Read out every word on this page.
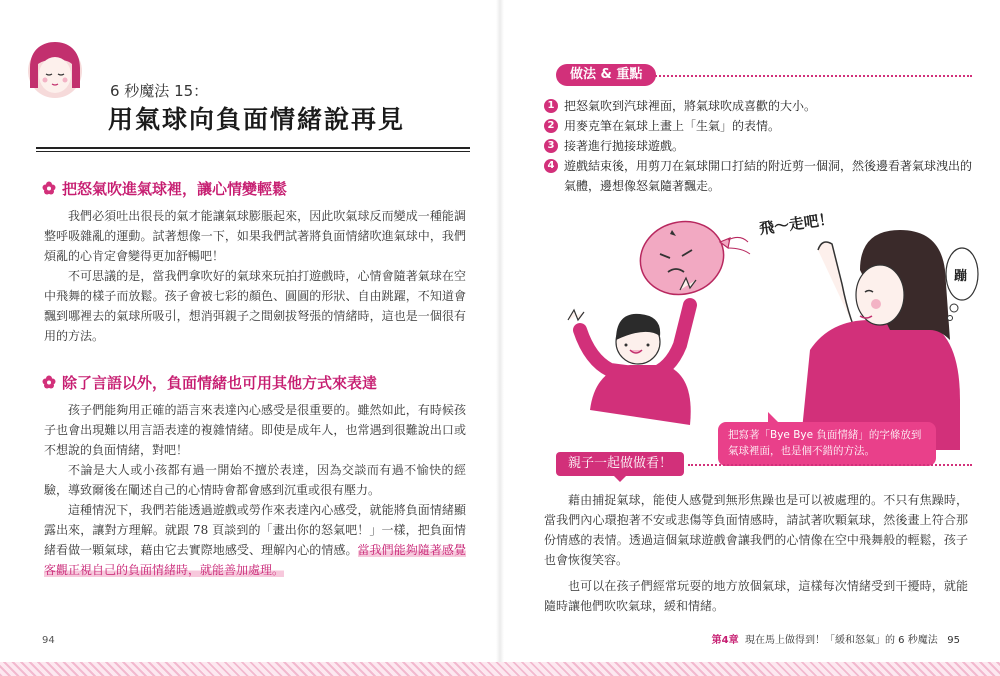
6 秒魔法 15：
用氣球向負面情緒說再見
把怒氣吹進氣球裡，讓心情變輕鬆

我們必須吐出很長的氣才能讓氣球膨脹起來，因此吹氣球反而變成一種能調整呼吸雜亂的運動。試著想像一下，如果我們試著將負面情緒吹進氣球中，我們煩亂的心肯定會變得更加舒暢吧！

不可思議的是，當我們拿吹好的氣球來玩拍打遊戲時，心情會隨著氣球在空中飛舞的樣子而放鬆。孩子會被七彩的顏色、圓圓的形狀、自由跳躍，不知道會飄到哪裡去的氣球所吸引，想消弭親子之間劍拔弩張的情緒時，這也是一個很有用的方法。

除了言語以外，負面情緒也可用其他方式來表達

孩子們能夠用正確的語言來表達內心感受是很重要的。雖然如此，有時候孩子也會出現難以用言語表達的複雜情緒。即使是成年人，也常遇到很難說出口或不想說的負面情緒，對吧！

不論是大人或小孩都有過一開始不擅於表達，因為交談而有過不愉快的經驗，導致爾後在闡述自己的心情時會都會感到沉重或很有壓力。

這種情況下，我們若能透過遊戲或勞作來表達內心感受，就能將負面情緒顯露出來，讓對方理解。就跟 78 頁談到的「畫出你的怒氣吧！」一樣，把負面情緒看做一顆氣球，藉由它去實際地感受、理解內心的情感。當我們能夠隨著感覺客觀正視自己的負面情緒時，就能善加處理。

94
做法 & 重點

1 把怒氣吹到汽球裡面，將氣球吹成喜歡的大小。

2 用麥克筆在氣球上畫上「生氣」的表情。

3 接著進行拋接球遊戲。

4 遊戲結束後，用剪刀在氣球開口打結的附近剪一個洞，然後邊看著氣球洩出的氣體，邊想像怒氣隨著飄走。

飛～走吧！
蹦
把寫著「Bye Bye 負面情緒」的字條放到氣球裡面，也是個不錯的方法。
親子一起做做看！

藉由捕捉氣球，能使人感覺到無形焦躁也是可以被處理的。不只有焦躁時，當我們內心環抱著不安或悲傷等負面情感時，請試著吹顆氣球，然後畫上符合那份情感的表情。透過這個氣球遊戲會讓我們的心情像在空中飛舞般的輕鬆，孩子也會恢復笑容。

也可以在孩子們經常玩耍的地方放個氣球，這樣每次情緒受到干擾時，就能隨時讓他們吹吹氣球，緩和情緒。

第4章 現在馬上做得到！「緩和怒氣」的 6 秒魔法 95
